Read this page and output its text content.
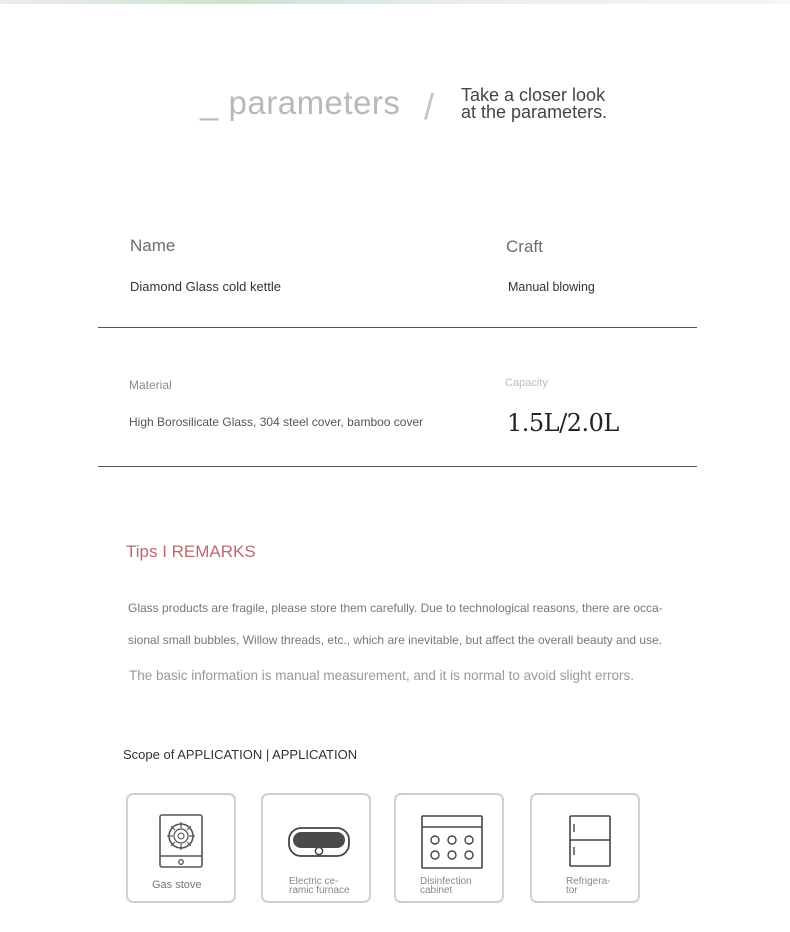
_ parameters / Take a closer look
at the parameters.
Name
Diamond Glass cold kettle
Craft
Manual blowing
Material
High Borosilicate Glass, 304 steel cover, bamboo cover
Capacity
1.5L/2.0L
Tips I REMARKS
Glass products are fragile, please store them carefully. Due to technological reasons, there are occa-
sional small bubbles, Willow threads, etc., which are inevitable, but affect the overall beauty and use.
The basic information is manual measurement, and it is normal to avoid slight errors.
Scope of APPLICATION | APPLICATION
Gas stove	Electric ce-
ramic furnace
Disinfection
cabinet
Refrigera-
tor
